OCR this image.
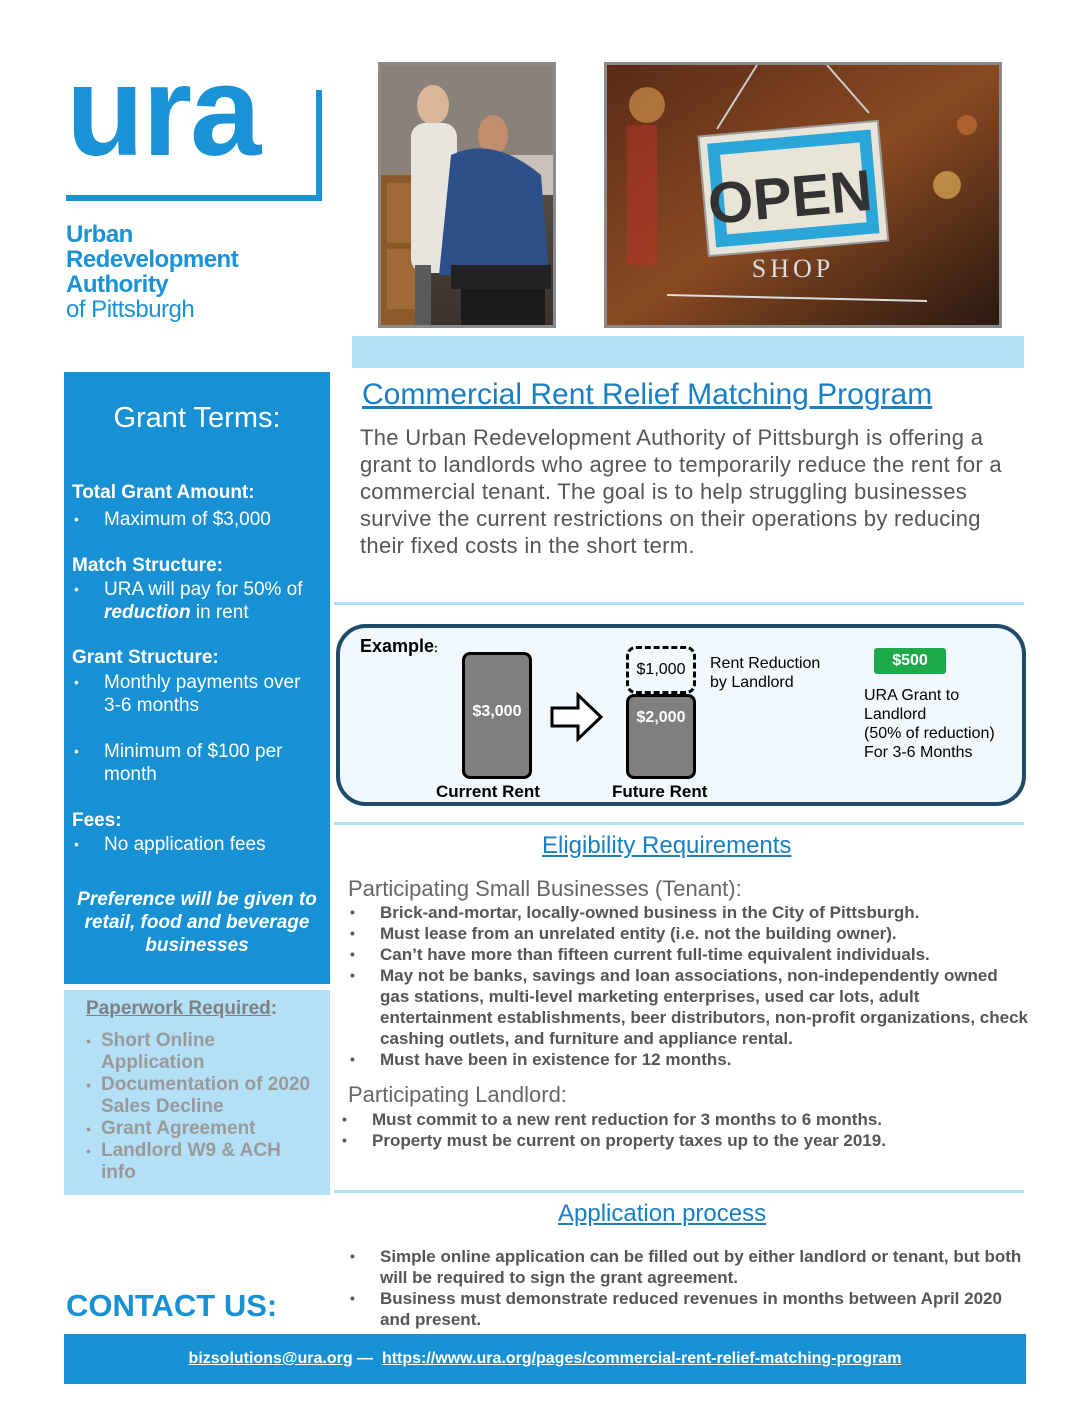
ura
Urban
Redevelopment
Authority
of Pittsburgh
OPEN
SHOP
Grant Terms:
Total Grant Amount:
• Maximum of $3,000
Match Structure:
• URA will pay for 50% of reduction in rent
Grant Structure:
• Monthly payments over 3-6 months
• Minimum of $100 per month
Fees:
• No application fees
Preference will be given to retail, food and beverage businesses
Paperwork Required:
• Short Online Application
• Documentation of 2020 Sales Decline
• Grant Agreement
• Landlord W9 & ACH info
CONTACT US:
bizsolutions@ura.org —  https://www.ura.org/pages/commercial-rent-relief-matching-program
Commercial Rent Relief Matching Program
The Urban Redevelopment Authority of Pittsburgh is offering a grant to landlords who agree to temporarily reduce the rent for a commercial tenant. The goal is to help struggling businesses survive the current restrictions on their operations by reducing their fixed costs in the short term.
Example:
$3,000
Current Rent
$1,000
$2,000
Future Rent
Rent Reduction
by Landlord
$500
URA Grant to
Landlord
(50% of reduction)
For 3-6 Months
Eligibility Requirements
Participating Small Businesses (Tenant):
• Brick-and-mortar, locally-owned business in the City of Pittsburgh.
• Must lease from an unrelated entity (i.e. not the building owner).
• Can’t have more than fifteen current full-time equivalent individuals.
• May not be banks, savings and loan associations, non-independently owned gas stations, multi-level marketing enterprises, used car lots, adult entertainment establishments, beer distributors, non-profit organizations, check cashing outlets, and furniture and appliance rental.
• Must have been in existence for 12 months.
Participating Landlord:
• Must commit to a new rent reduction for 3 months to 6 months.
• Property must be current on property taxes up to the year 2019.
Application process
• Simple online application can be filled out by either landlord or tenant, but both will be required to sign the grant agreement.
• Business must demonstrate reduced revenues in months between April 2020 and present.
